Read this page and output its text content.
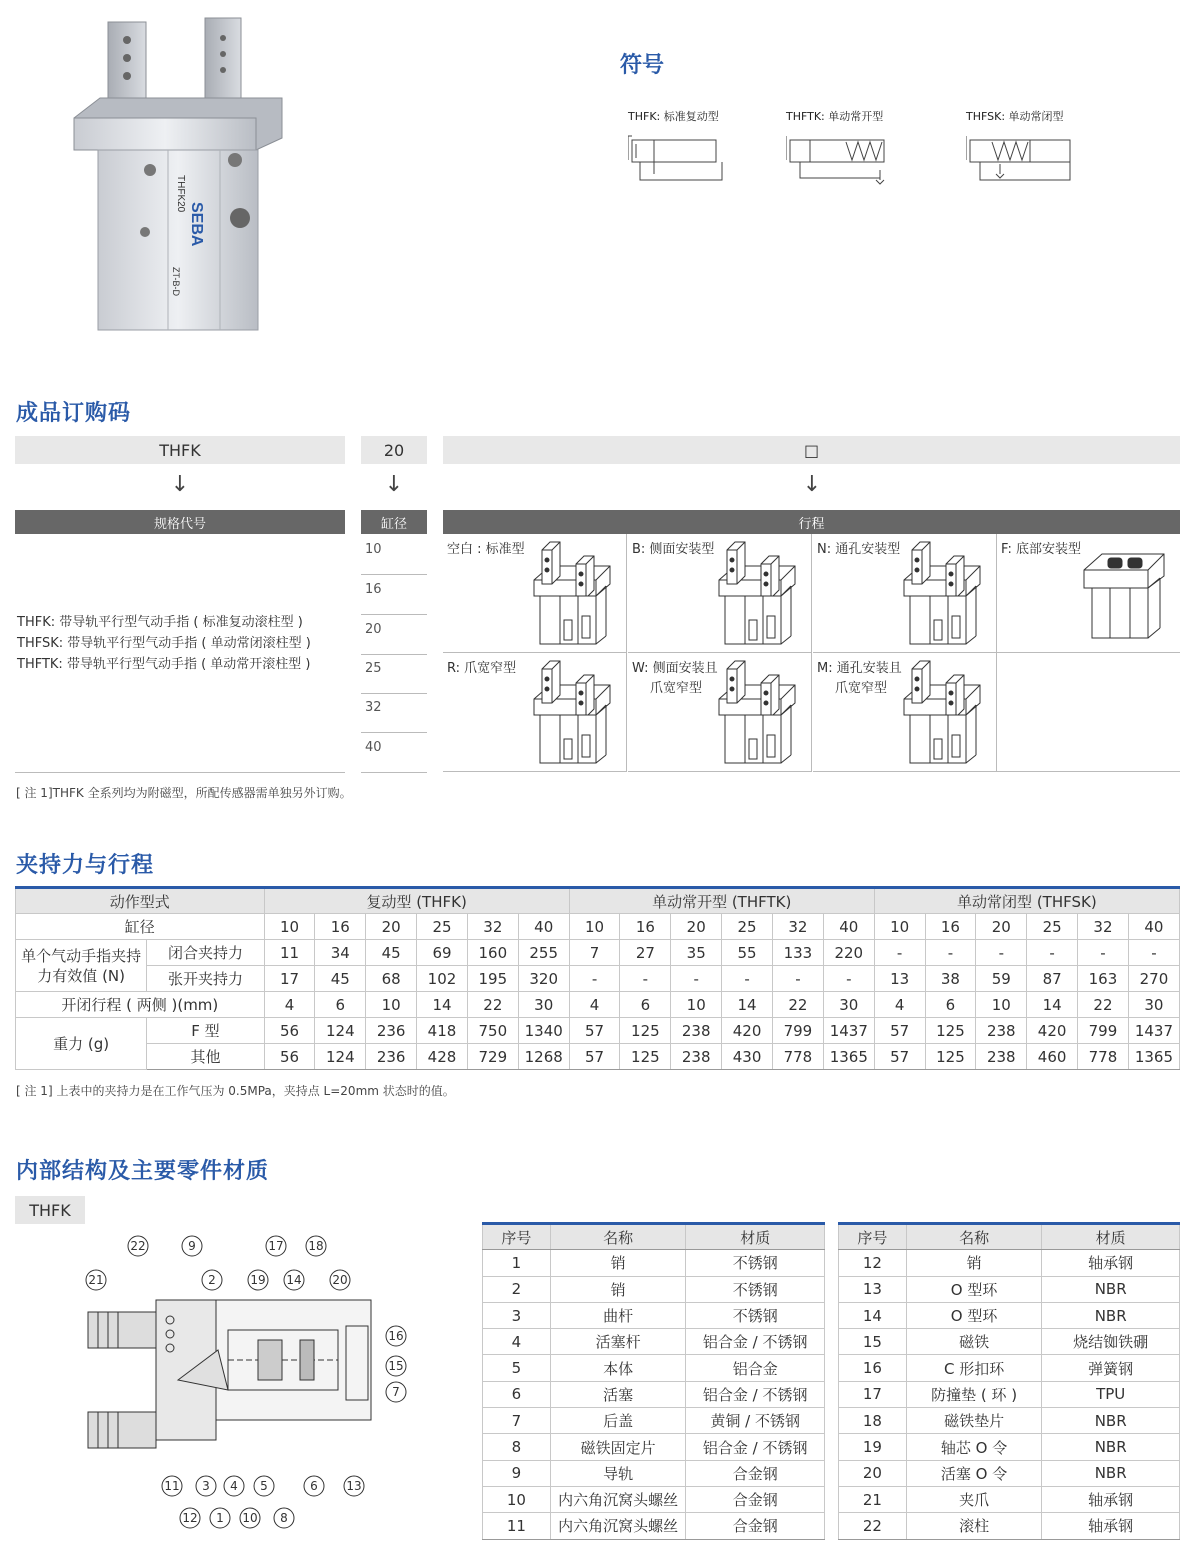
THFK20
SEBA
ZT-B-D
符号
THFK: 标准复动型	THFTK: 单动常开型	THFSK: 单动常闭型
成品订购码
THFK	20	□
↓	↓	↓
规格代号	缸径	行程
THFK: 带导轨平行型气动手指 ( 标准复动滚柱型 )
THFSK: 带导轨平行型气动手指 ( 单动常闭滚柱型 )
THFTK: 带导轨平行型气动手指 ( 单动常开滚柱型 )
10
16
20
25
32
40
空白 : 标准型	B: 侧面安装型	N: 通孔安装型	F: 底部安装型
R: 爪宽窄型	W: 侧面安装且
爪宽窄型
M: 通孔安装且
爪宽窄型
[ 注 1]THFK 全系列均为附磁型，所配传感器需单独另外订购。
夹持力与行程
动作型式		复动型 (THFK)						单动常开型 (THFTK)						单动常闭型 (THFSK)					
缸径		10	16	20	25	32	40	10	16	20	25	32	40	10	16	20	25	32	40
单个气动手指夹持力有效值 (N)	闭合夹持力	11	34	45	69	160	255	7	27	35	55	133	220	-	-	-	-	-	-
	张开夹持力	17	45	68	102	195	320	-	-	-	-	-	-	13	38	59	87	163	270
开闭行程 ( 两侧 )(mm)		4	6	10	14	22	30	4	6	10	14	22	30	4	6	10	14	22	30
重力 (g)	F 型	56	124	236	418	750	1340	57	125	238	420	799	1437	57	125	238	420	799	1437
	其他	56	124	236	428	729	1268	57	125	238	430	778	1365	57	125	238	460	778	1365
[ 注 1] 上表中的夹持力是在工作气压为 0.5MPa，夹持点 L=20mm 状态时的值。
内部结构及主要零件材质
THFK
21
22	9
2
17 18
19 14	20
16
15
7
11 3 4 5	6 13
12 1 10 8
序号	名称	材质
1	销	不锈钢
2	销	不锈钢
3	曲杆	不锈钢
4	活塞杆	铝合金 / 不锈钢
5	本体	铝合金
6	活塞	铝合金 / 不锈钢
7	后盖	黄铜 / 不锈钢
8	磁铁固定片	铝合金 / 不锈钢
9	导轨	合金钢
10	内六角沉窝头螺丝	合金钢
11	内六角沉窝头螺丝	合金钢
序号	名称	材质
12	销	轴承钢
13	O 型环	NBR
14	O 型环	NBR
15	磁铁	烧结铷铁硼
16	C 形扣环	弹簧钢
17	防撞垫 ( 环 )	TPU
18	磁铁垫片	NBR
19	轴芯 O 令	NBR
20	活塞 O 令	NBR
21	夹爪	轴承钢
22	滚柱	轴承钢
